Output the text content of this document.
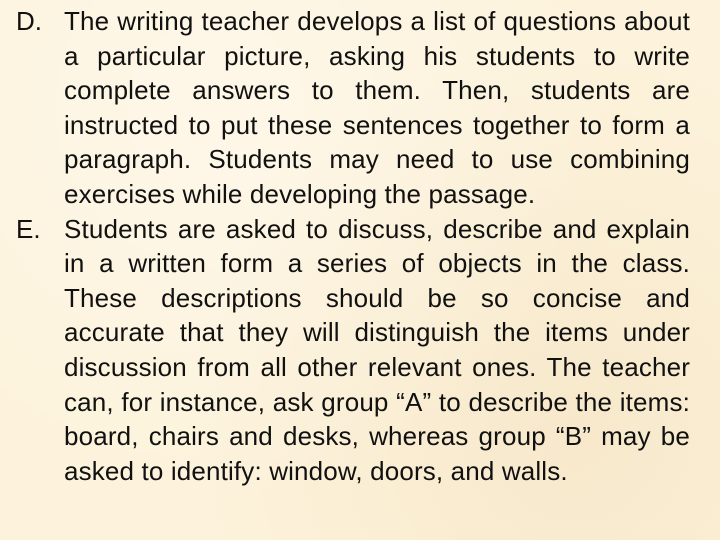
D. The writing teacher develops a list of questions about a particular picture, asking his students to write complete answers to them. Then, students are instructed to put these sentences together to form a paragraph. Students may need to use combining exercises while developing the passage.
E. Students are asked to discuss, describe and explain in a written form a series of objects in the class. These descriptions should be so concise and accurate that they will distinguish the items under discussion from all other relevant ones. The teacher can, for instance, ask group “A” to describe the items: board, chairs and desks, whereas group “B” may be asked to identify: window, doors, and walls.
